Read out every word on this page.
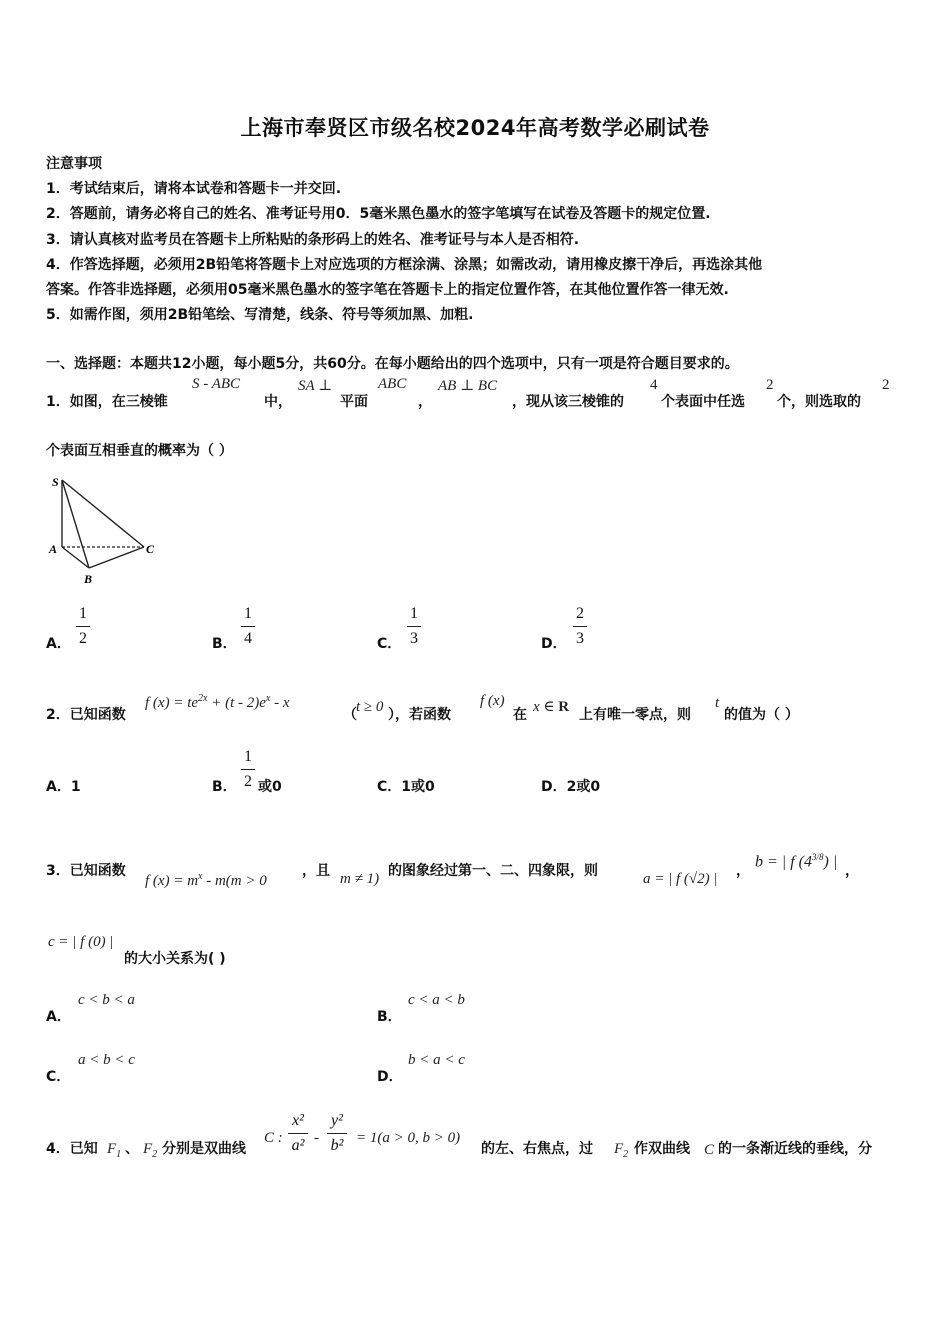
上海市奉贤区市级名校2024年高考数学必刷试卷
注意事项
1．考试结束后，请将本试卷和答题卡一并交回.
2．答题前，请务必将自己的姓名、准考证号用0．5毫米黑色墨水的签字笔填写在试卷及答题卡的规定位置.
3．请认真核对监考员在答题卡上所粘贴的条形码上的姓名、准考证号与本人是否相符.
4．作答选择题，必须用2B铅笔将答题卡上对应选项的方框涂满、涂黑；如需改动，请用橡皮擦干净后，再选涂其他
答案。作答非选择题，必须用05毫米黑色墨水的签字笔在答题卡上的指定位置作答，在其他位置作答一律无效.
5．如需作图，须用2B铅笔绘、写清楚，线条、符号等须加黑、加粗.
一、选择题：本题共12小题，每小题5分，共60分。在每小题给出的四个选项中，只有一项是符合题目要求的。
1．如图，在三棱锥
S - ABC
中，
SA ⊥
平面
ABC
，
AB ⊥ BC
，现从该三棱锥的
4
个表面中任选
2
个，则选取的
2
个表面互相垂直的概率为（ ）
S
A
B
C
A．
1
2	B．
1
4	C．
1
3	D．
2
3
2．已知函数
f $(x) = te^{2x} + (t - 2)e^x - x$
（ t ≥ 0 ），若函数
f (x)
在 x ∈ R 上有唯一零点，则
t
的值为（ ）
A．1	B．
1
2 或0	C．1或0	D．2或0
3．已知函数
f $(x) = m^x - m(m > 0$
，且 m ≠ 1) 的图象经过第一、二、四象限，则	a = | f (√2) | ，
b = | f $(4^{3/8})$ |
，
c = | f (0) |
的大小关系为( )
A．
c < b < a
B．
c < a < b
C．
a < b < c
D．
b < a < c
4．已知 $F_1$ 、 $F_2$ 分别是双曲线
C :
x²
a² -
y²
b² = 1(a > 0, b > 0)
的左、右焦点，过 $F_2$ 作双曲线 C 的一条渐近线的垂线，分
